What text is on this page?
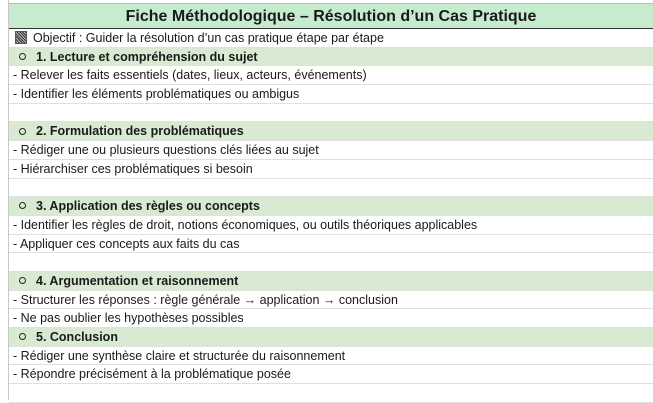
Fiche Méthodologique – Résolution d’un Cas Pratique
Objectif : Guider la résolution d’un cas pratique étape par étape
1. Lecture et compréhension du sujet
- Relever les faits essentiels (dates, lieux, acteurs, événements)
- Identifier les éléments problématiques ou ambigus
2. Formulation des problématiques
- Rédiger une ou plusieurs questions clés liées au sujet
- Hiérarchiser ces problématiques si besoin
3. Application des règles ou concepts
- Identifier les règles de droit, notions économiques, ou outils théoriques applicables
- Appliquer ces concepts aux faits du cas
4. Argumentation et raisonnement
- Structurer les réponses : règle générale → application → conclusion
- Ne pas oublier les hypothèses possibles
5. Conclusion
- Rédiger une synthèse claire et structurée du raisonnement
- Répondre précisément à la problématique posée
